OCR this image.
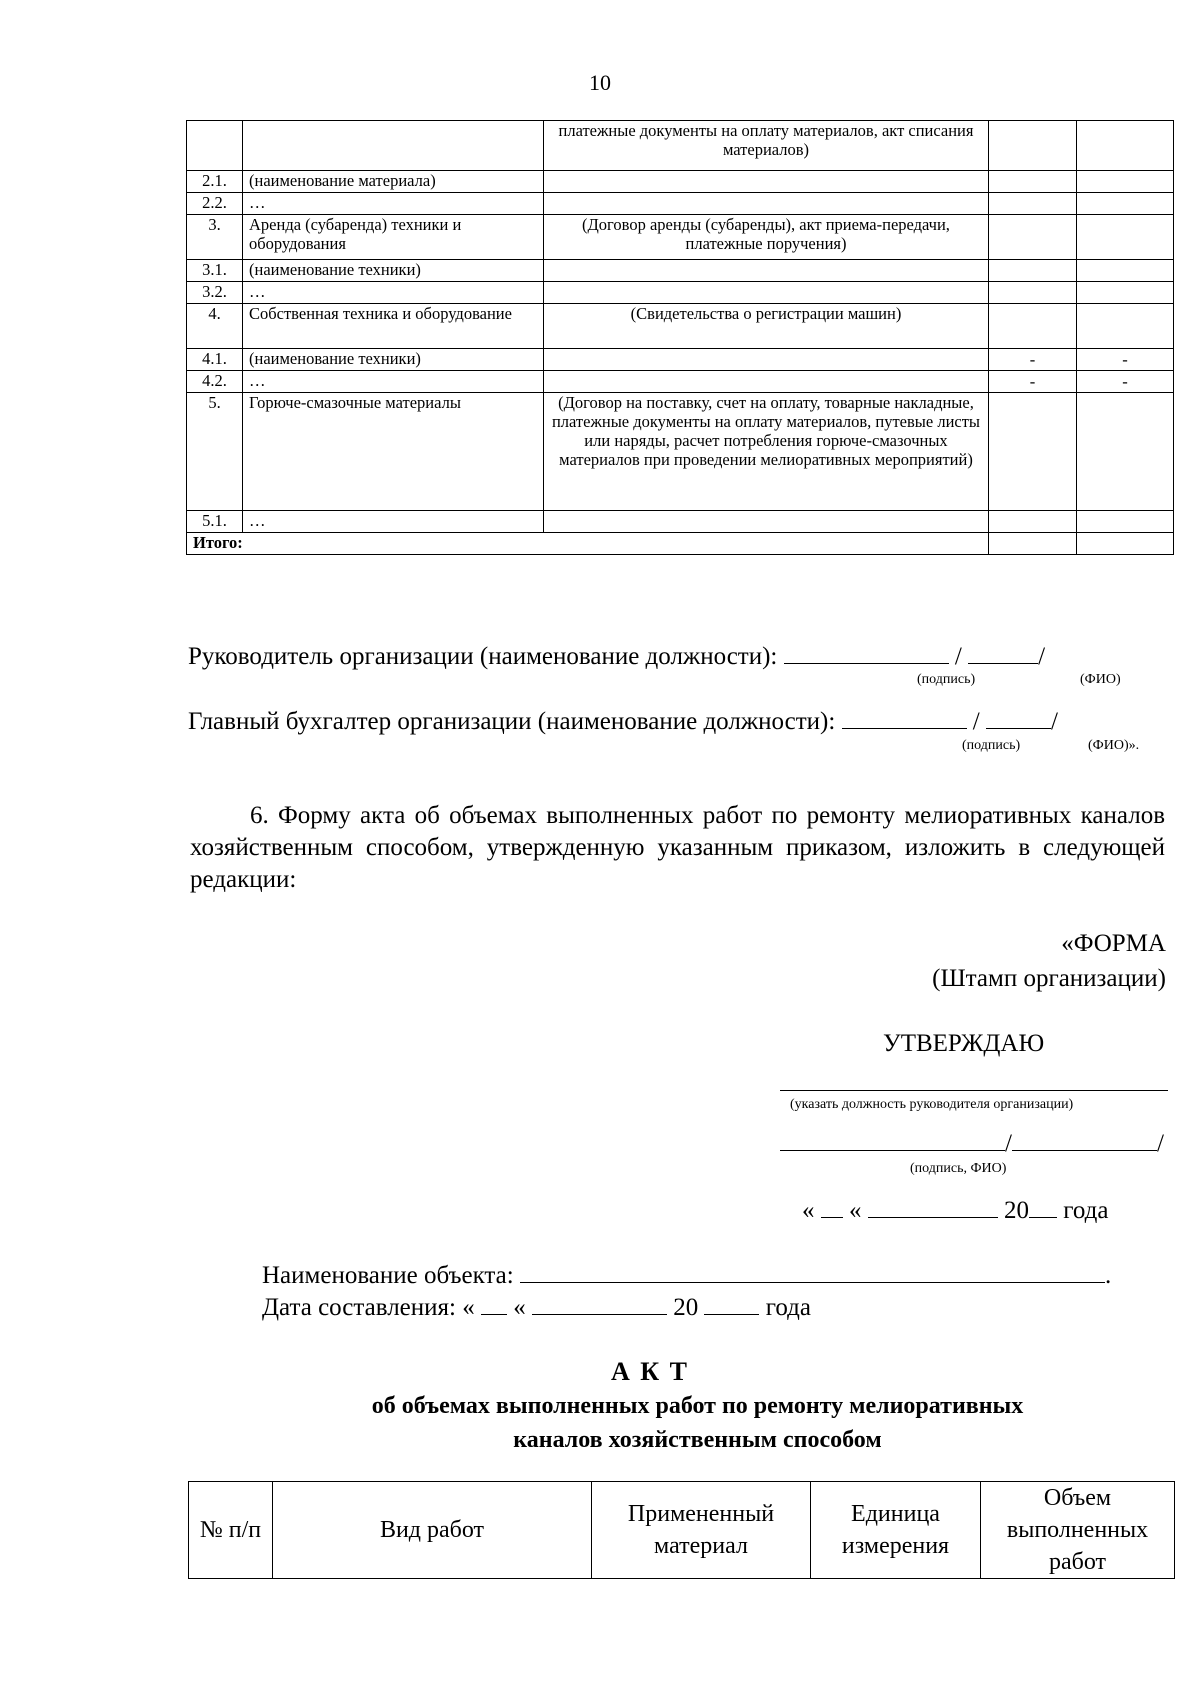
10
		платежные документы на оплату материалов, акт списания материалов)		
2.1.	(наименование материала)			
2.2.	…			
3.	Аренда (субаренда) техники и оборудования	(Договор аренды (субаренды), акт приема-передачи, платежные поручения)		
3.1.	(наименование техники)			
3.2.	…			
4.	Собственная техника и оборудование	(Свидетельства о регистрации машин)		
4.1.	(наименование техники)		-	-
4.2.	…		-	-
5.	Горюче-смазочные материалы	(Договор на поставку, счет на оплату, товарные накладные, платежные документы на оплату материалов, путевые листы или наряды, расчет потребления горюче-смазочных материалов при проведении мелиоративных мероприятий)		
5.1.	…			
Итого:				
Руководитель организации (наименование должности):	/	/
(подпись)	(ФИО)
Главный бухгалтер организации (наименование должности):	/	/
(подпись)	(ФИО)».
6. Форму акта об объемах выполненных работ по ремонту мелиоративных каналов хозяйственным способом, утвержденную указанным приказом, изложить в следующей редакции:
«ФОРМА
(Штамп организации)
УТВЕРЖДАЮ
(указать должность руководителя организации)
/	/
(подпись, ФИО)
« «	20 года
Наименование объекта:	.
Дата составления: « «	20	года
А К Т
об объемах выполненных работ по ремонту мелиоративных
каналов хозяйственным способом
№ п/п	Вид работ	Примененный материал	Единица измерения	Объем выполненных работ
